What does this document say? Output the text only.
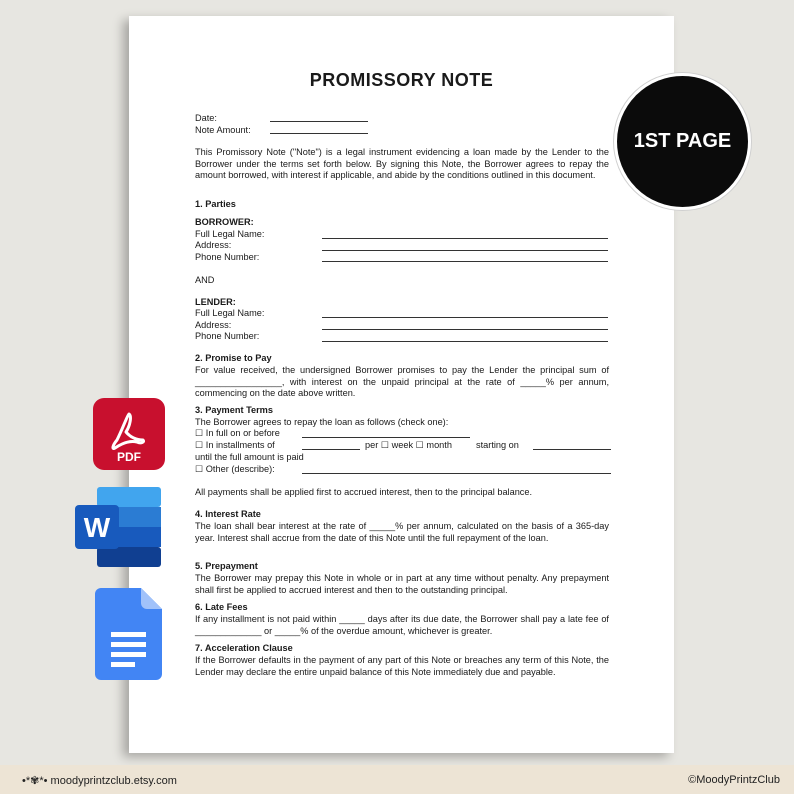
PROMISSORY NOTE
Date:
Note Amount:
This Promissory Note ("Note") is a legal instrument evidencing a loan made by the Lender to the Borrower under the terms set forth below. By signing this Note, the Borrower agrees to repay the amount borrowed, with interest if applicable, and abide by the conditions outlined in this document.
1. Parties
BORROWER:
Full Legal Name:
Address:
Phone Number:
AND
LENDER:
Full Legal Name:
Address:
Phone Number:
2. Promise to Pay
For value received, the undersigned Borrower promises to pay the Lender the principal sum of _________________, with interest on the unpaid principal at the rate of _____% per annum, commencing on the date above written.
3. Payment Terms
The Borrower agrees to repay the loan as follows (check one):
☐ In full on or before
☐ In installments of	per ☐ week ☐ month	starting on
until the full amount is paid
☐ Other (describe):
All payments shall be applied first to accrued interest, then to the principal balance.
4. Interest Rate
The loan shall bear interest at the rate of _____% per annum, calculated on the basis of a 365-day year. Interest shall accrue from the date of this Note until the full repayment of the loan.
5. Prepayment
The Borrower may prepay this Note in whole or in part at any time without penalty. Any prepayment shall first be applied to accrued interest and then to the outstanding principal.
6. Late Fees
If any installment is not paid within _____ days after its due date, the Borrower shall pay a late fee of _____________ or _____% of the overdue amount, whichever is greater.
7. Acceleration Clause
If the Borrower defaults in the payment of any part of this Note or breaches any term of this Note, the Lender may declare the entire unpaid balance of this Note immediately due and payable.
1ST PAGE
PDF
W
•*✾*• moodyprintzclub.etsy.com	©MoodyPrintzClub
